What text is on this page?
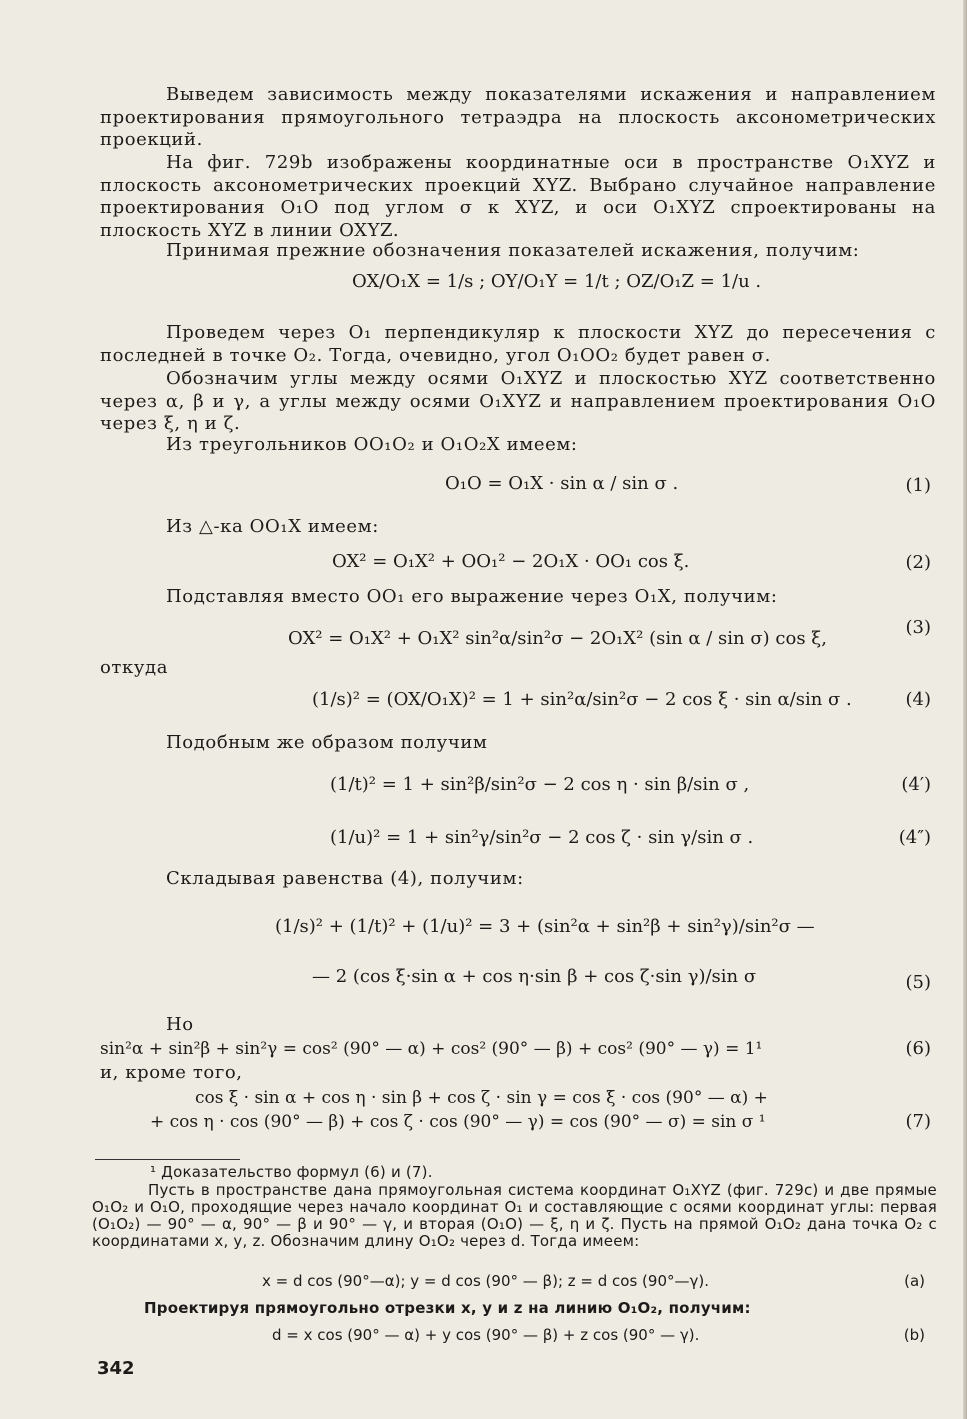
Выведем зависимость между показателями искажения и направлением проектирования прямоугольного тетраэдра на плоскость аксонометрических проекций.
На фиг. 729b изображены координатные оси в пространстве O₁XYZ и плоскость аксонометрических проекций XYZ. Выбрано случайное направление проектирования O₁O под углом σ к XYZ, и оси O₁XYZ спроектированы на плоскость XYZ в линии OXYZ.
Принимая прежние обозначения показателей искажения, получим:
OX/O₁X = 1/s ; OY/O₁Y = 1/t ; OZ/O₁Z = 1/u .
Проведем через O₁ перпендикуляр к плоскости XYZ до пересечения с последней в точке O₂. Тогда, очевидно, угол O₁OO₂ будет равен σ.
Обозначим углы между осями O₁XYZ и плоскостью XYZ соответственно через α, β и γ, а углы между осями O₁XYZ и направлением проектирования O₁O через ξ, η и ζ.
Из треугольников OO₁O₂ и O₁O₂X имеем:
O₁O = O₁X · sin α / sin σ .	(1)
Из △-ка OO₁X имеем:
OX² = O₁X² + OO₁² − 2O₁X · OO₁ cos ξ.	(2)
Подставляя вместо OO₁ его выражение через O₁X, получим:
OX² = O₁X² + O₁X² sin²α/sin²σ − 2O₁X² (sin α / sin σ) cos ξ,
(3)
откуда
(1/s)² = (OX/O₁X)² = 1 + sin²α/sin²σ − 2 cos ξ · sin α/sin σ .	(4)
Подобным же образом получим
(1/t)² = 1 + sin²β/sin²σ − 2 cos η · sin β/sin σ ,	(4′)
(1/u)² = 1 + sin²γ/sin²σ − 2 cos ζ · sin γ/sin σ .	(4″)
Складывая равенства (4), получим:
(1/s)² + (1/t)² + (1/u)² = 3 + (sin²α + sin²β + sin²γ)/sin²σ —
— 2 (cos ξ·sin α + cos η·sin β + cos ζ·sin γ)/sin σ	(5)
Но
sin²α + sin²β + sin²γ = cos² (90° — α) + cos² (90° — β) + cos² (90° — γ) = 1¹	(6)
и, кроме того,
cos ξ · sin α + cos η · sin β + cos ζ · sin γ = cos ξ · cos (90° — α) +
+ cos η · cos (90° — β) + cos ζ · cos (90° — γ) = cos (90° — σ) = sin σ ¹	(7)
¹ Доказательство формул (6) и (7).
Пусть в пространстве дана прямоугольная система координат O₁XYZ (фиг. 729c) и две прямые O₁O₂ и O₁O, проходящие через начало координат O₁ и составляющие с осями координат углы: первая (O₁O₂) — 90° — α, 90° — β и 90° — γ, и вторая (O₁O) — ξ, η и ζ. Пусть на прямой O₁O₂ дана точка O₂ с координатами x, y, z. Обозначим длину O₁O₂ через d. Тогда имеем:
x = d cos (90°—α); y = d cos (90° — β); z = d cos (90°—γ).	(a)
Проектируя прямоугольно отрезки x, y и z на линию O₁O₂, получим:
d = x cos (90° — α) + y cos (90° — β) + z cos (90° — γ).	(b)
342
